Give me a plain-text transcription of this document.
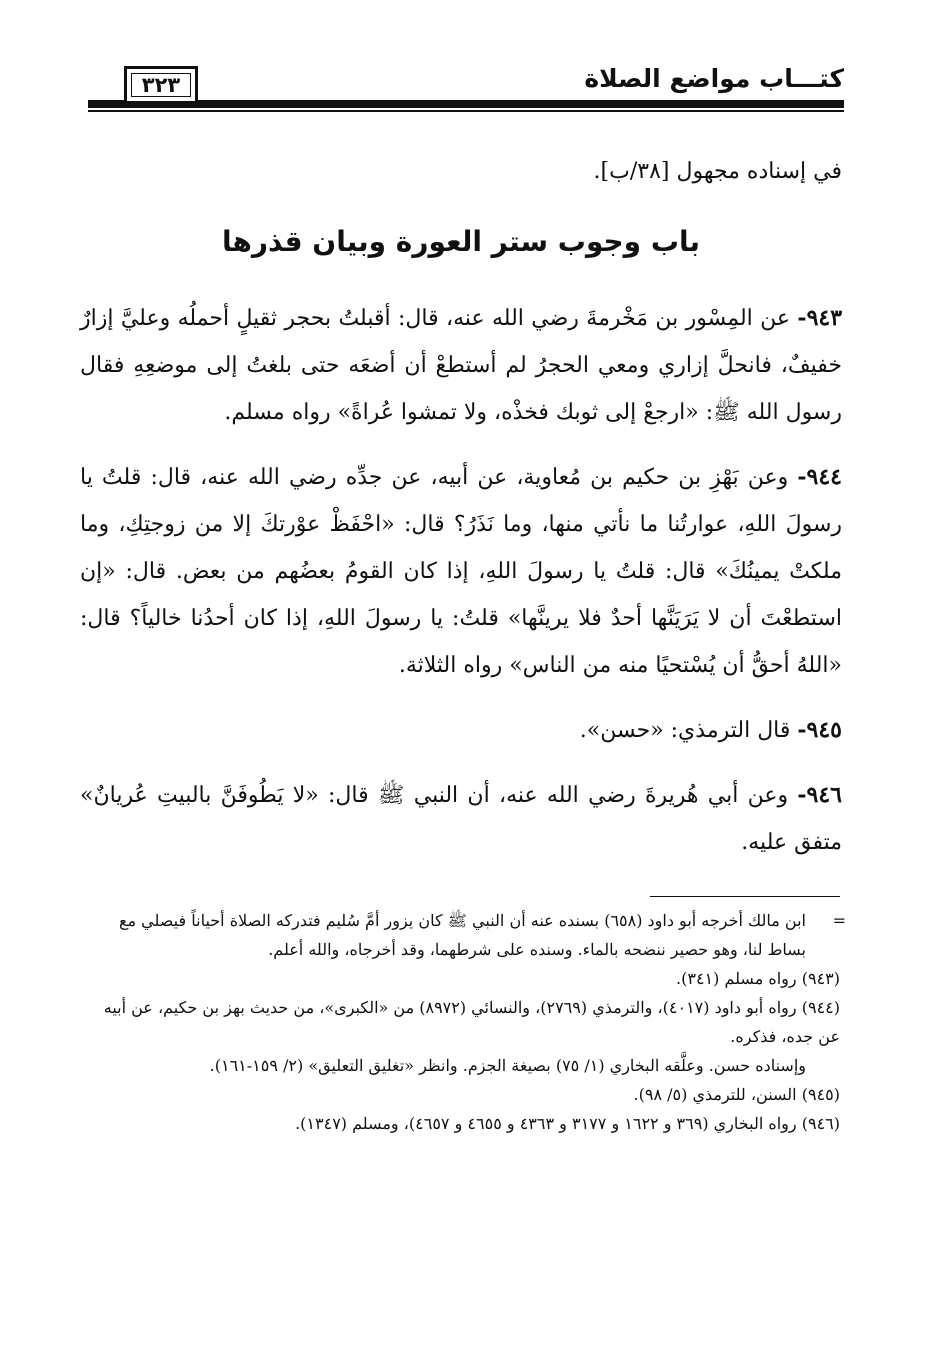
كتـــاب مواضع الصلاة
٣٢٣

في إسناده مجهول [٣٨/ب].

باب وجوب ستر العورة وبيان قذرها

٩٤٣- عن المِسْور بن مَخْرمةَ رضي الله عنه، قال: أقبلتُ بحجر ثقيلٍ أحملُه وعليَّ إزارٌ خفيفٌ، فانحلَّ إزاري ومعي الحجرُ لم أستطعْ أن أضعَه حتى بلغتُ إلى موضعِهِ فقال رسول الله ﷺ: «ارجعْ إلى ثوبك فخذْه، ولا تمشوا عُراةً» رواه مسلم.

٩٤٤- وعن بَهْزِ بن حكيم بن مُعاوية، عن أبيه، عن جدِّه رضي الله عنه، قال: قلتُ يا رسولَ اللهِ، عوارتُنا ما نأتي منها، وما نَذَرُ؟ قال: «احْفَظْ عوْرتكَ إلا من زوجتِكِ، وما ملكتْ يمينُكَ» قال: قلتُ يا رسولَ اللهِ، إذا كان القومُ بعضُهم من بعض. قال: «إن استطعْتَ أن لا يَرَيَنَّها أحدٌ فلا يرينَّها» قلتُ: يا رسولَ اللهِ، إذا كان أحدُنا خالياً؟ قال: «اللهُ أحقُّ أن يُسْتحيًا منه من الناس» رواه الثلاثة.

٩٤٥- قال الترمذي: «حسن».

٩٤٦- وعن أبي هُريرةَ رضي الله عنه، أن النبي ﷺ قال: «لا يَطُوفَنَّ بالبيتِ عُريانٌ» متفق عليه.

=
ابن مالك أخرجه أبو داود (٦٥٨) بسنده عنه أن النبي ﷺ كان يزور أمَّ سُليم فتدركه الصلاة أحياناً فيصلي مع بساط لنا، وهو حصير ننضحه بالماء. وسنده على شرطهما، وقد أخرجاه، والله أعلم.

(٩٤٣) رواه مسلم (٣٤١).

(٩٤٤) رواه أبو داود (٤٠١٧)، والترمذي (٢٧٦٩)، والنسائي (٨٩٧٢) من «الكبرى»، من حديث بهز بن حكيم، عن أبيه عن جده، فذكره.

وإسناده حسن. وعلَّقه البخاري (١/ ٧٥) بصيغة الجزم. وانظر «تغليق التعليق» (٢/ ١٥٩-١٦١).

(٩٤٥) السنن، للترمذي (٥/ ٩٨).

(٩٤٦) رواه البخاري (٣٦٩ و ١٦٢٢ و ٣١٧٧ و ٤٣٦٣ و ٤٦٥٥ و ٤٦٥٧)، ومسلم (١٣٤٧).
